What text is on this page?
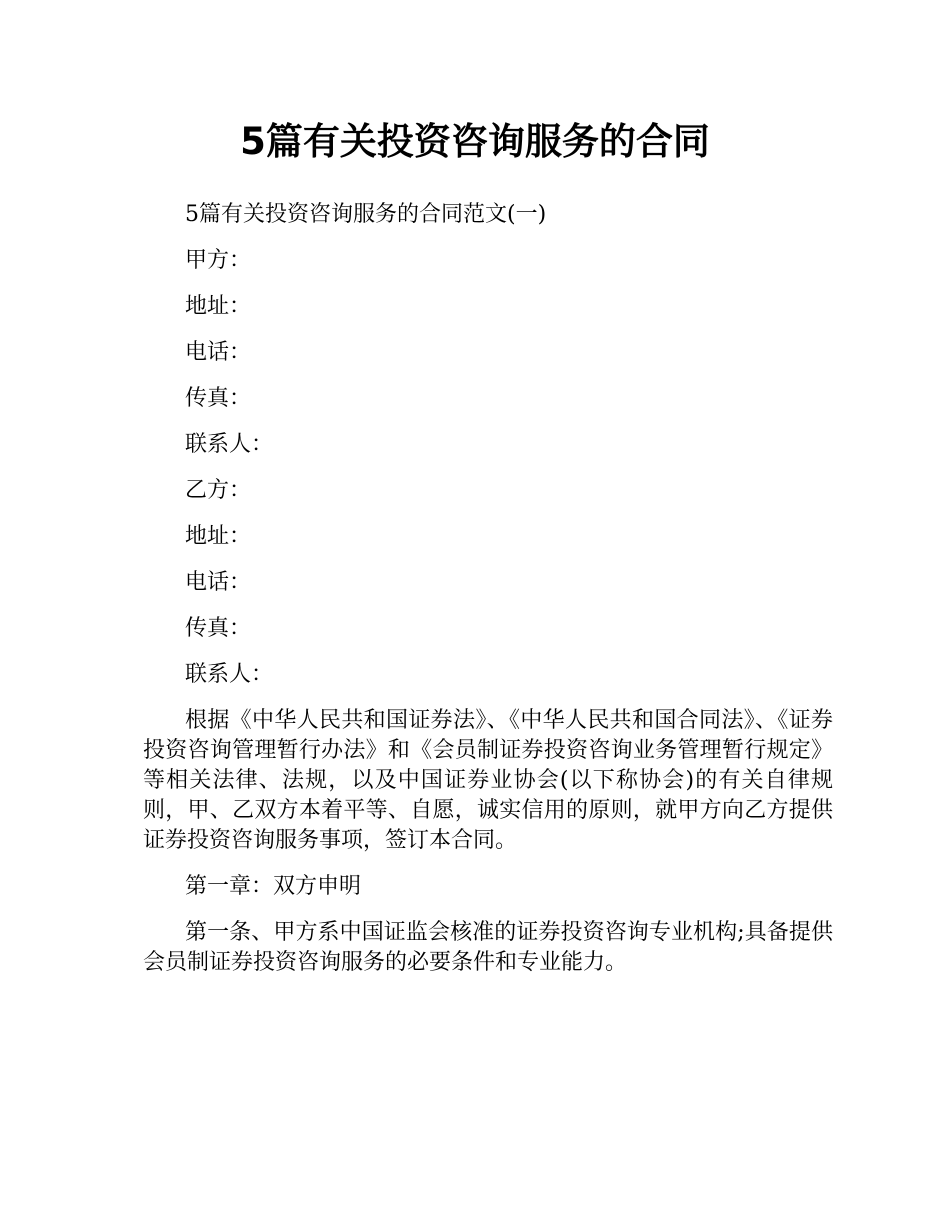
5篇有关投资咨询服务的合同

5篇有关投资咨询服务的合同范文(一)

甲方：

地址：

电话：

传真：

联系人：

乙方：

地址：

电话：

传真：

联系人：

根据《中华人民共和国证券法》、《中华人民共和国合同法》、《证券投资咨询管理暂行办法》和《会员制证券投资咨询业务管理暂行规定》等相关法律、法规，以及中国证券业协会(以下称协会)的有关自律规则，甲、乙双方本着平等、自愿，诚实信用的原则，就甲方向乙方提供证券投资咨询服务事项，签订本合同。

第一章：双方申明

第一条、甲方系中国证监会核准的证券投资咨询专业机构;具备提供会员制证券投资咨询服务的必要条件和专业能力。
